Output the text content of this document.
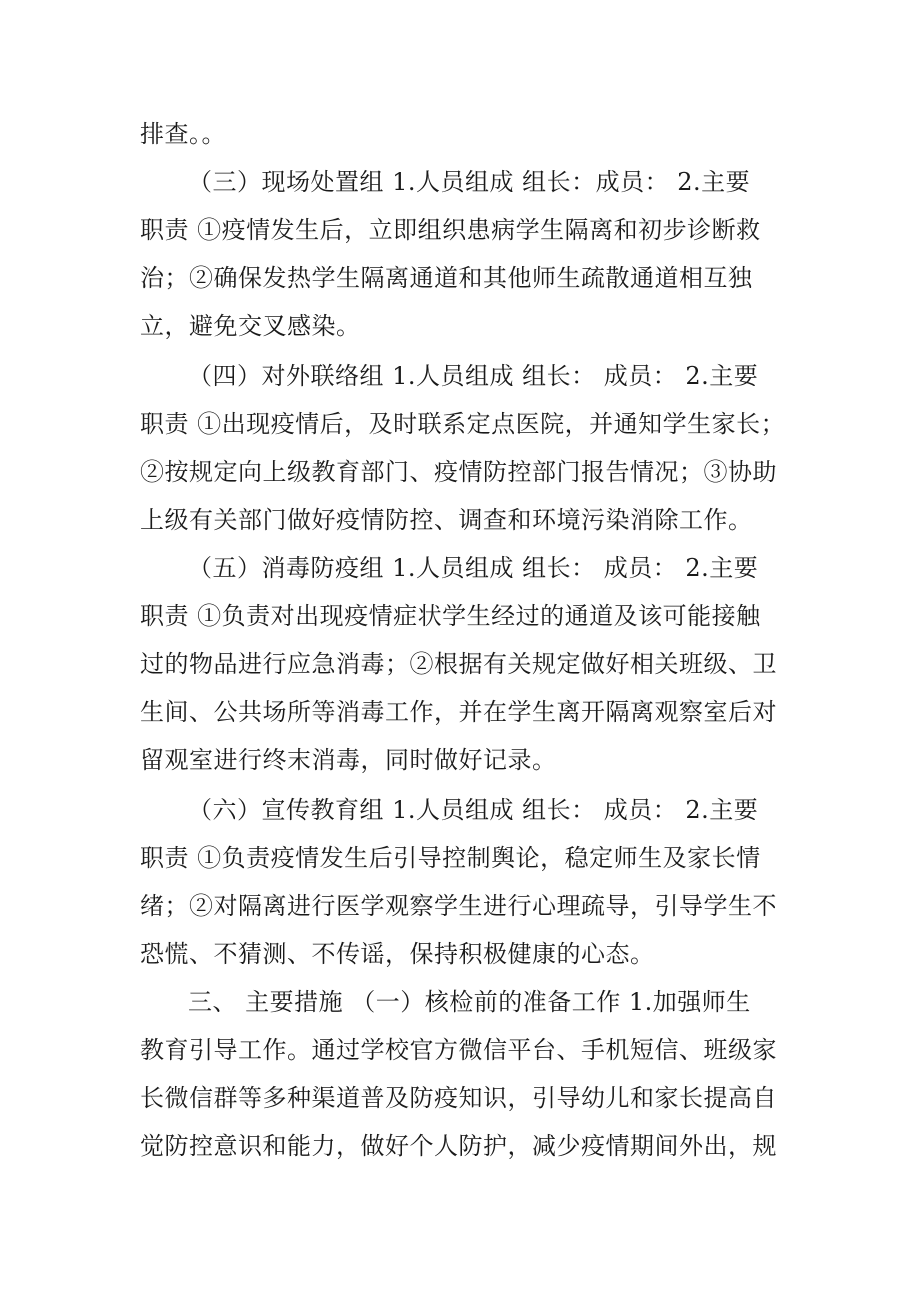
排查。。
（三）现场处置组 1.人员组成 组长：成员： 2.主要
职责 ①疫情发生后，立即组织患病学生隔离和初步诊断救
治；②确保发热学生隔离通道和其他师生疏散通道相互独
立，避免交叉感染。
（四）对外联络组 1.人员组成 组长： 成员： 2.主要
职责 ①出现疫情后，及时联系定点医院，并通知学生家长；
②按规定向上级教育部门、疫情防控部门报告情况；③协助
上级有关部门做好疫情防控、调查和环境污染消除工作。
（五）消毒防疫组 1.人员组成 组长： 成员： 2.主要
职责 ①负责对出现疫情症状学生经过的通道及该可能接触
过的物品进行应急消毒；②根据有关规定做好相关班级、卫
生间、公共场所等消毒工作，并在学生离开隔离观察室后对
留观室进行终末消毒，同时做好记录。
（六）宣传教育组 1.人员组成 组长： 成员： 2.主要
职责 ①负责疫情发生后引导控制舆论，稳定师生及家长情
绪；②对隔离进行医学观察学生进行心理疏导，引导学生不
恐慌、不猜测、不传谣，保持积极健康的心态。
三、 主要措施 （一）核检前的准备工作 1.加强师生
教育引导工作。通过学校官方微信平台、手机短信、班级家
长微信群等多种渠道普及防疫知识，引导幼儿和家长提高自
觉防控意识和能力，做好个人防护，减少疫情期间外出，规
